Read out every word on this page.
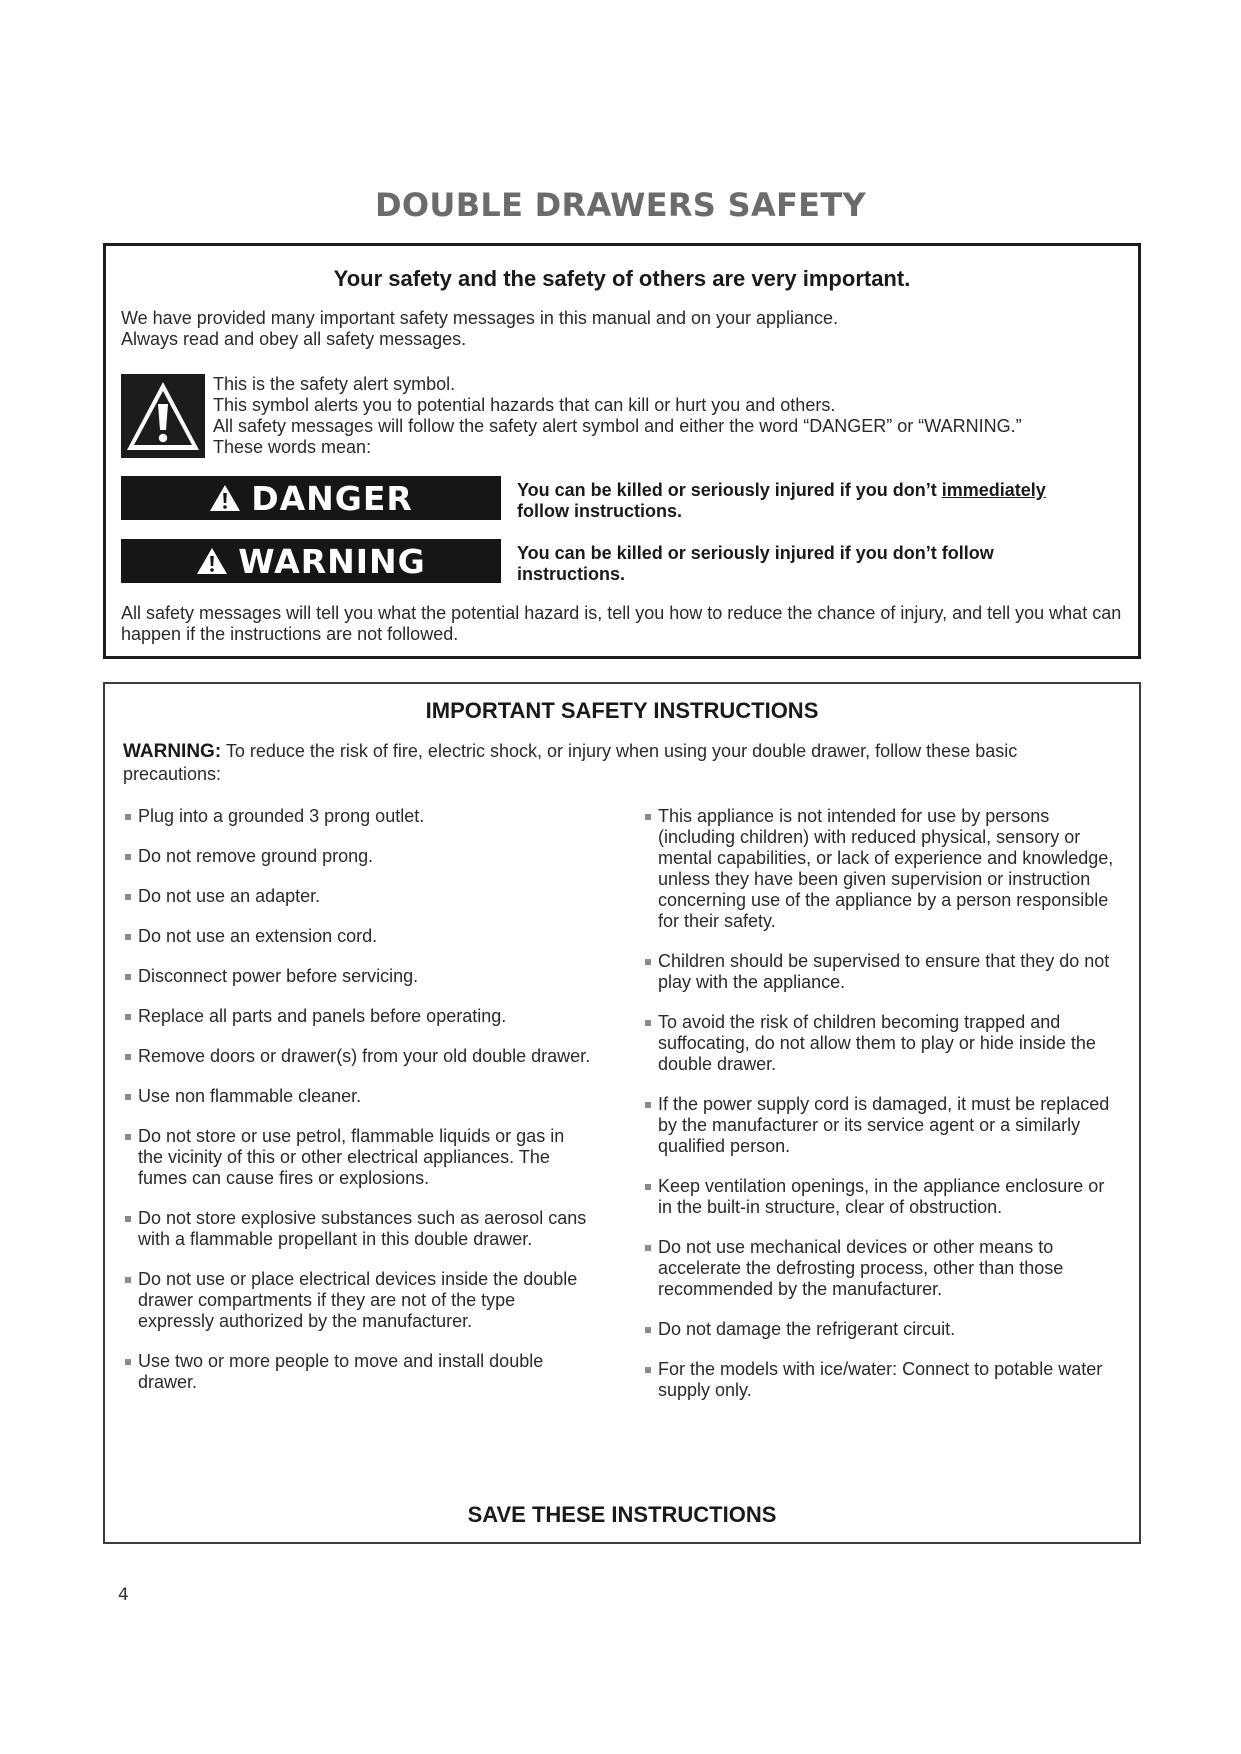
DOUBLE DRAWERS SAFETY
Your safety and the safety of others are very important.
We have provided many important safety messages in this manual and on your appliance.
Always read and obey all safety messages.
This is the safety alert symbol.
This symbol alerts you to potential hazards that can kill or hurt you and others.
All safety messages will follow the safety alert symbol and either the word “DANGER” or “WARNING.”
These words mean:
DANGER	You can be killed or seriously injured if you don’t immediately
follow instructions.
WARNING	You can be killed or seriously injured if you don’t follow instructions.
All safety messages will tell you what the potential hazard is, tell you how to reduce the chance of injury, and tell you what can happen if the instructions are not followed.
IMPORTANT SAFETY INSTRUCTIONS
WARNING: To reduce the risk of fire, electric shock, or injury when using your double drawer, follow these basic precautions:
Plug into a grounded 3 prong outlet.
Do not remove ground prong.
Do not use an adapter.
Do not use an extension cord.
Disconnect power before servicing.
Replace all parts and panels before operating.
Remove doors or drawer(s) from your old double drawer.
Use non flammable cleaner.
Do not store or use petrol, flammable liquids or gas in the vicinity of this or other electrical appliances. The fumes can cause fires or explosions.
Do not store explosive substances such as aerosol cans with a flammable propellant in this double drawer.
Do not use or place electrical devices inside the double drawer compartments if they are not of the type expressly authorized by the manufacturer.
Use two or more people to move and install double   drawer.
This appliance is not intended for use by persons (including children) with reduced physical, sensory or mental capabilities, or lack of experience and knowledge, unless they have been given supervision or instruction concerning use of the appliance by a person responsible for their safety.
Children should be supervised to ensure that they do not play with the appliance.
To avoid the risk of children becoming trapped and suffocating, do not allow them to play or hide inside the double drawer.
If the power supply cord is damaged, it must be replaced by the manufacturer or its service agent or a similarly qualified person.
Keep ventilation openings, in the appliance enclosure or in the built-in structure, clear of obstruction.
Do not use mechanical devices or other means to accelerate the defrosting process, other than those recommended by the manufacturer.
Do not damage the refrigerant circuit.
For the models with ice/water: Connect to potable water supply only.
SAVE THESE INSTRUCTIONS
4
